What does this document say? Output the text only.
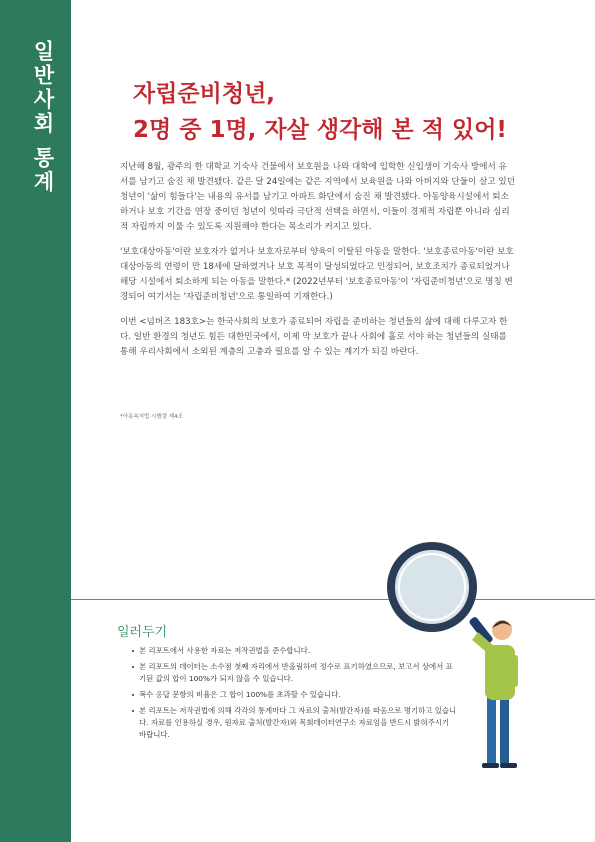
일반사회 통계	자립준비청년,
2명 중 1명, 자살 생각해 본 적 있어!

지난해 8월, 광주의 한 대학교 기숙사 건물에서 보호원을 나와 대학에 입학한 신입생이 기숙사 방에서 유서를 남기고 숨진 채 발견됐다. 같은 달 24일에는 같은 지역에서 보육원을 나와 아버지와 단둘이 살고 있던 청년이 '삶이 힘들다'는 내용의 유서를 남기고 아파트 화단에서 숨진 채 발견됐다. 아동양육시설에서 퇴소하거나 보호 기간을 연장 중이던 청년이 잇따라 극단적 선택을 하면서, 이들이 경제적 자립뿐 아니라 심리적 자립까지 이룰 수 있도록 지원해야 한다는 목소리가 커지고 있다.

'보호대상아동'이란 보호자가 없거나 보호자로부터 양육이 이탈된 아동을 말한다. '보호종료아동'이란 보호대상아동의 연령이 만 18세에 달하였거나 보호 목적이 달성되었다고 인정되어, 보호조치가 종료되었거나 해당 시설에서 퇴소하게 되는 아동을 말한다.* (2022년부터 '보호종료아동'이 '자립준비청년'으로 명칭 변경되어 여기서는 '자립준비청년'으로 통일하여 기재한다.)

이번 <넘버즈 183호>는 한국사회의 보호가 종료되어 자립을 준비하는 청년들의 삶에 대해 다루고자 한다. 일반 환경의 청년도 힘든 대한민국에서, 이제 막 보호가 끝나 사회에 홀로 서야 하는 청년들의 실태를 통해 우리사회에서 소외된 계층의 고충과 필요를 알 수 있는 계기가 되길 바란다.

*아동복지법 시행령 제4조
일러두기
본 리포트에서 사용한 자료는 저작권법을 준수합니다.
본 리포트의 데이터는 소수점 첫째 자리에서 반올림하여 정수로 표기하였으므로, 보고서 상에서 표기된 값의 합이 100%가 되지 않을 수 있습니다.
복수 응답 문항의 비율은 그 합이 100%를 초과할 수 있습니다.
본 리포트는 저작권법에 의해 각각의 통계마다 그 자료의 출처(발간자)를 따옴으로 명기하고 있습니다. 자료를 인용하실 경우, 원자료 출처(발간자)와 목회데이터연구소 자료임을 반드시 밝혀주시기 바랍니다.
